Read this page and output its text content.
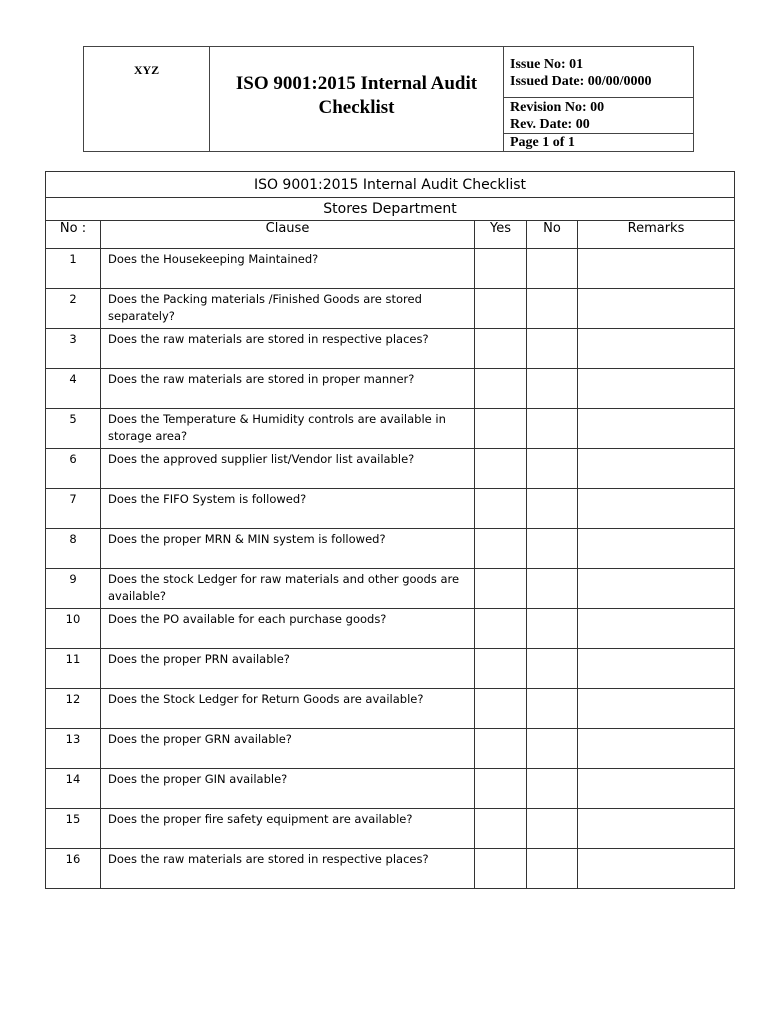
XYZ
ISO 9001:2015 Internal Audit
Checklist
Issue No: 01
Issued Date: 00/00/0000
Revision No: 00
Rev. Date: 00
Page 1 of 1
ISO 9001:2015 Internal Audit Checklist				
Stores Department				
No :	Clause	Yes	No	Remarks
1	Does the Housekeeping Maintained?			
2	Does the Packing materials /Finished Goods are stored separately?			
3	Does the raw materials are stored in respective places?			
4	Does the raw materials are stored in proper manner?			
5	Does the Temperature & Humidity controls are available in storage area?			
6	Does the approved supplier list/Vendor list available?			
7	Does the FIFO System is followed?			
8	Does the proper MRN & MIN system is followed?			
9	Does the stock Ledger for raw materials and other goods are available?			
10	Does the PO available for each purchase goods?			
11	Does the proper PRN available?			
12	Does the Stock Ledger for Return Goods are available?			
13	Does the proper GRN available?			
14	Does the proper GIN available?			
15	Does the proper fire safety equipment are available?			
16	Does the raw materials are stored in respective places?			
